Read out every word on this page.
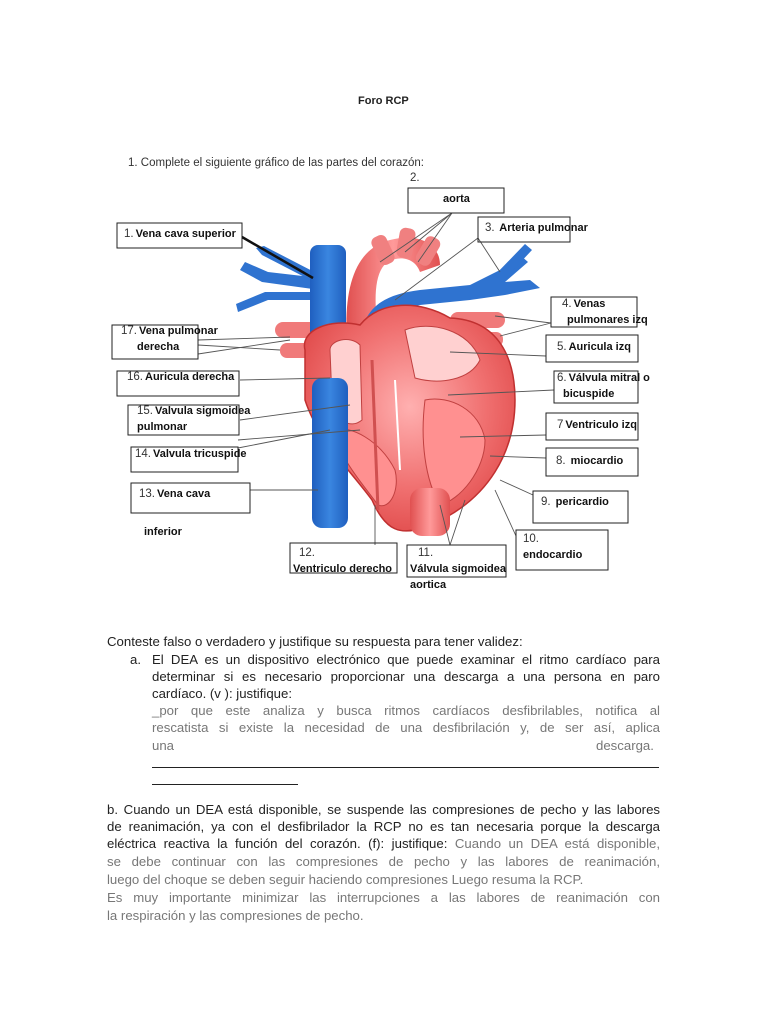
Foro RCP
1. Complete el siguiente gráfico de las partes del corazón:
1. Vena cava superior
2.
aorta
3. Arteria pulmonar
4. Venas
pulmonares izq
17. Vena pulmonar
derecha	5. Auricula izq
16. Auricula derecha	6. Válvula mitral o
bicuspide
15. Valvula sigmoidea
pulmonar	7 Ventriculo izq
14. Valvula tricuspide
8. miocardio
13. Vena cava
inferior
9. pericardio
10.
endocardio
12.
Ventriculo derecho
11.
Válvula sigmoidea
aortica
Conteste falso o verdadero y justifique su respuesta para tener validez:
a. El DEA es un dispositivo electrónico que puede examinar el ritmo cardíaco para
determinar si es necesario proporcionar una descarga a una persona en paro
cardíaco. (v ): justifique:
_por que este analiza y busca ritmos cardíacos desfibrilables, notifica al
rescatista si existe la necesidad de una desfibrilación y, de ser así, aplica
una	descarga.
b. Cuando un DEA está disponible, se suspende las compresiones de pecho y las labores
de reanimación, ya con el desfibrilador la RCP no es tan necesaria porque la descarga
eléctrica reactiva la función del corazón. (f): justifique: Cuando un DEA está disponible,
se debe continuar con las compresiones de pecho y las labores de reanimación,
luego del choque se deben seguir haciendo compresiones Luego resuma la RCP.
Es muy importante minimizar las interrupciones a las labores de reanimación con
la respiración y las compresiones de pecho.
